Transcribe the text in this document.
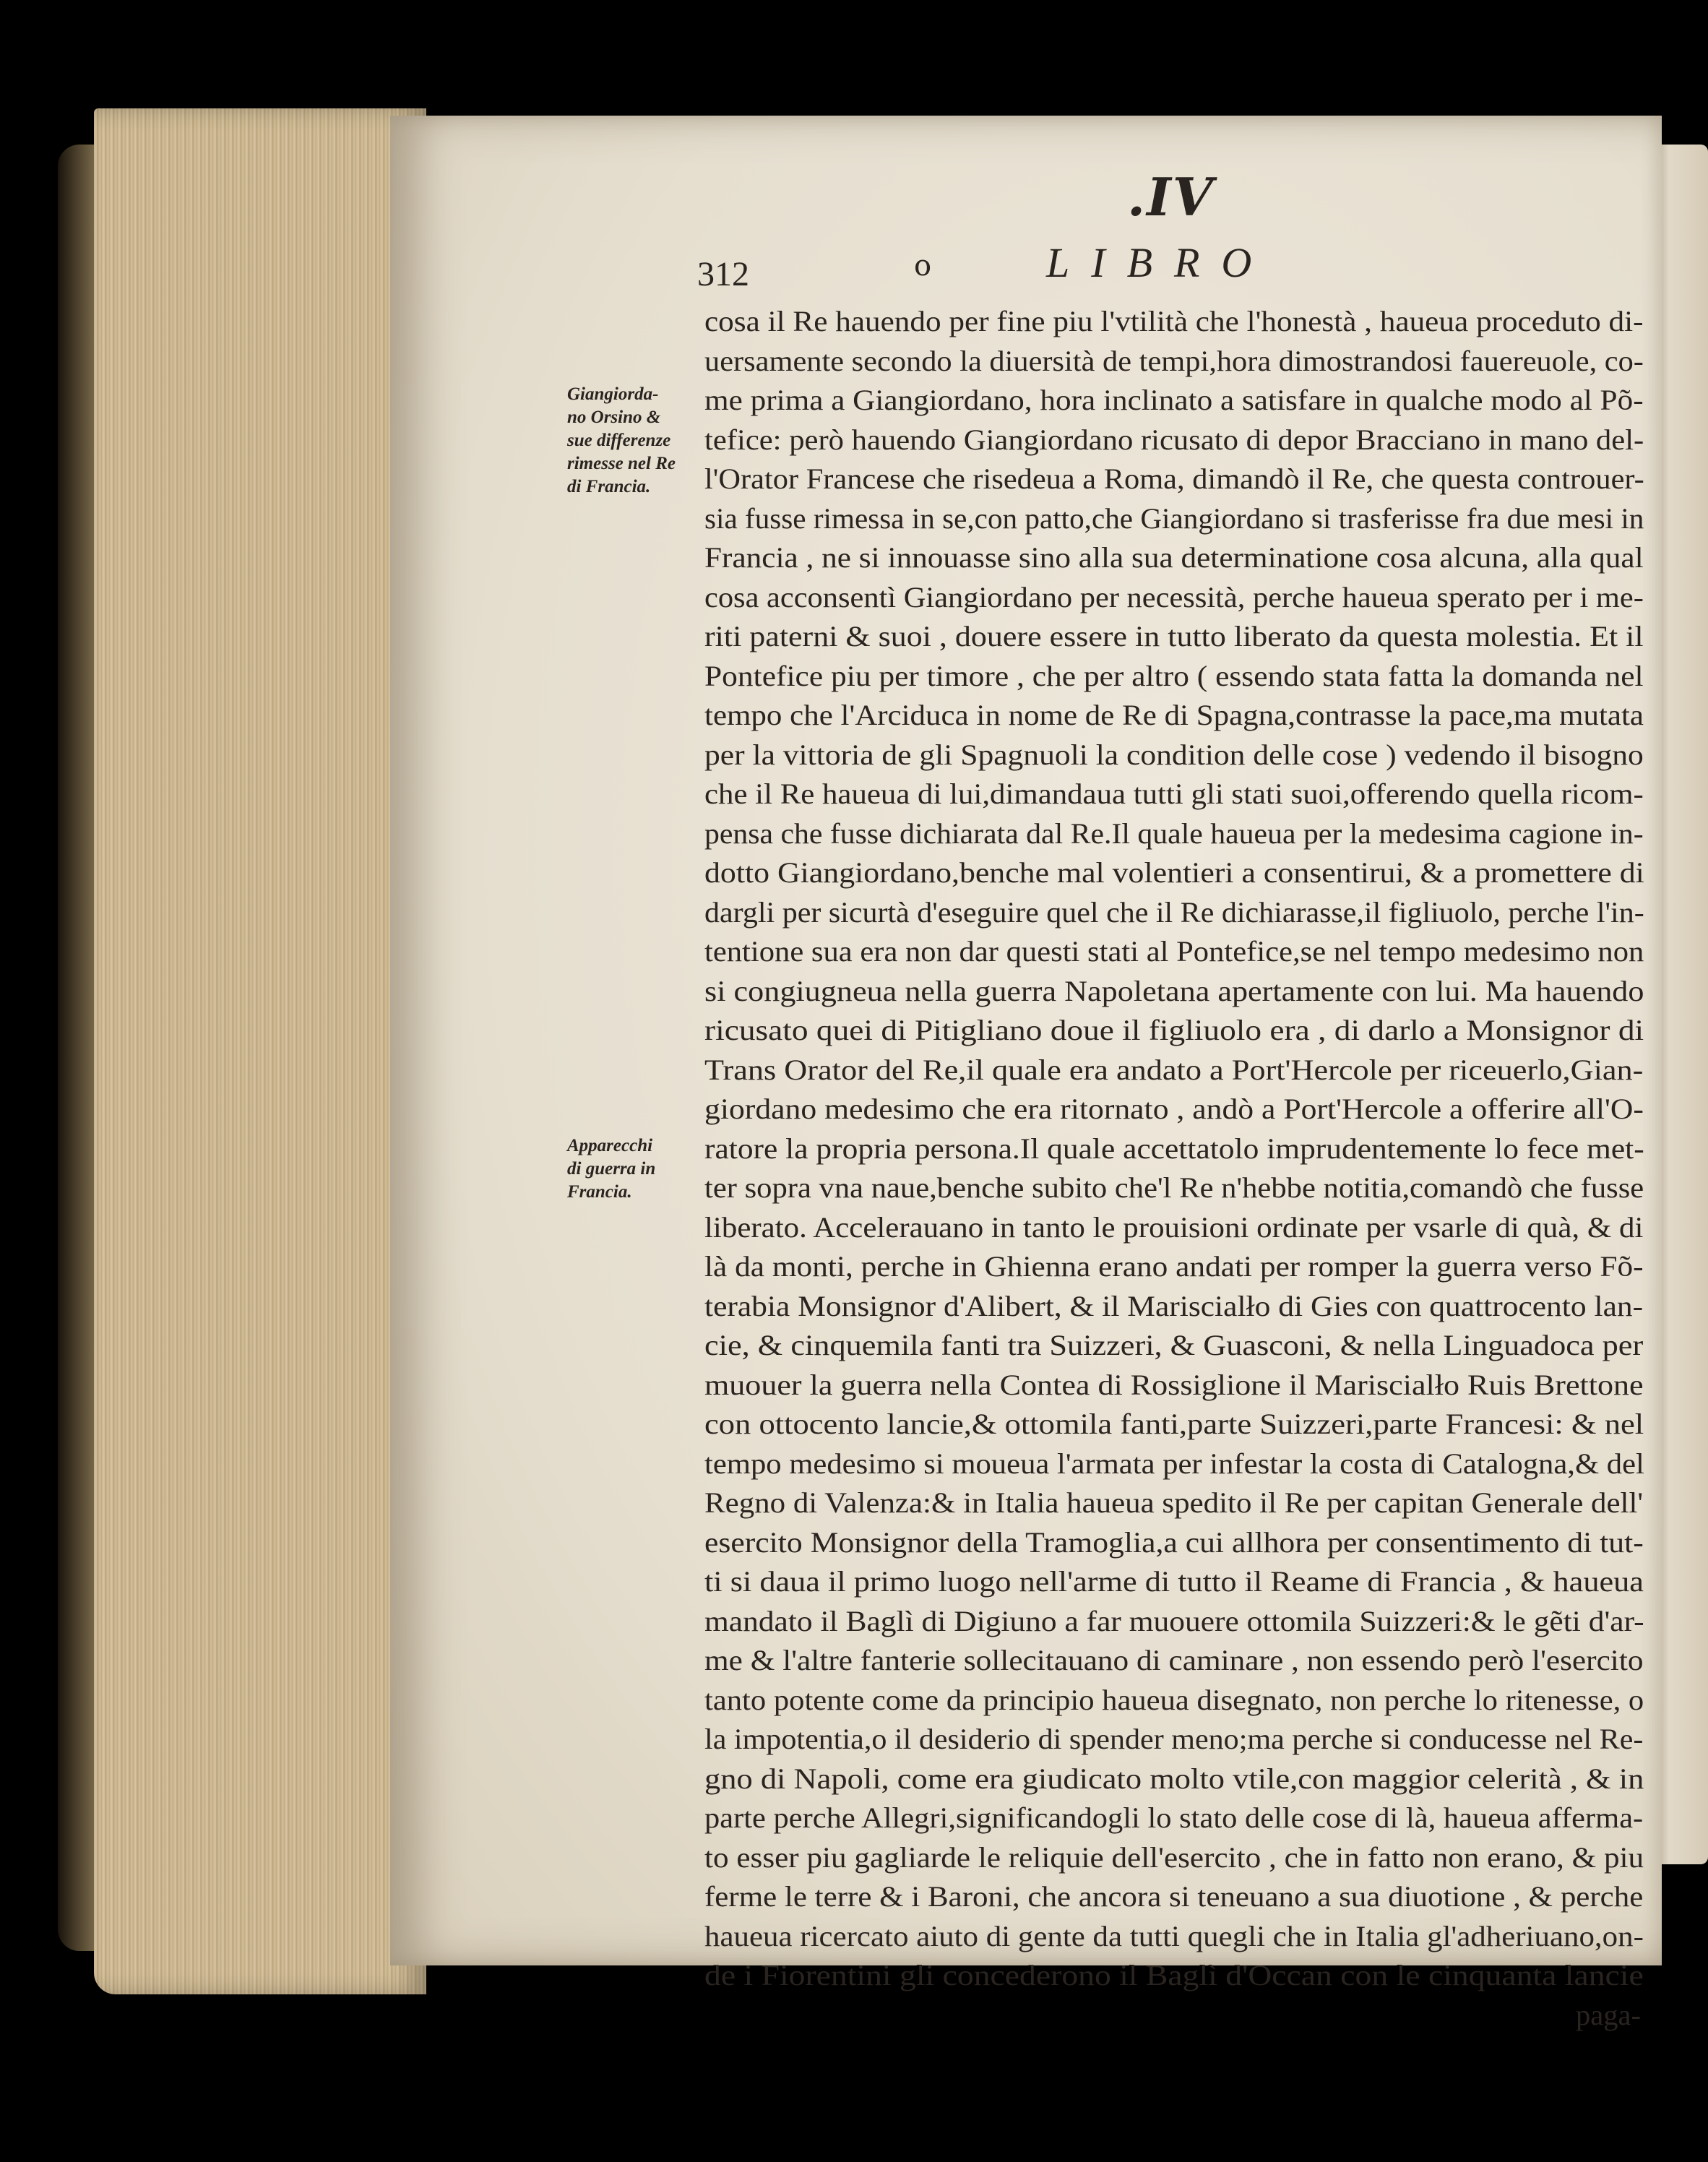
.IV
312	o	LIBRO
Giangiorda-
no Orsino &
sue differenze
rimesse nel Re
di Francia.
Apparecchi
di guerra in
Francia.
cosa il Re hauendo per fine piu l'vtilità che l'honestà , haueua proceduto di-
uersamente secondo la diuersità de tempi,hora dimostrandosi fauereuole, co-
me prima a Giangiordano, hora inclinato a satisfare in qualche modo al Põ-
tefice: però hauendo Giangiordano ricusato di depor Bracciano in mano del-
l'Orator Francese che risedeua a Roma, dimandò il Re, che questa controuer-
sia fusse rimessa in se,con patto,che Giangiordano si trasferisse fra due mesi in
Francia , ne si innouasse sino alla sua determinatione cosa alcuna, alla qual
cosa acconsentì Giangiordano per necessità, perche haueua sperato per i me-
riti paterni & suoi , douere essere in tutto liberato da questa molestia. Et il
Pontefice piu per timore , che per altro ( essendo stata fatta la domanda nel
tempo che l'Arciduca in nome de Re di Spagna,contrasse la pace,ma mutata
per la vittoria de gli Spagnuoli la condition delle cose ) vedendo il bisogno
che il Re haueua di lui,dimandaua tutti gli stati suoi,offerendo quella ricom-
pensa che fusse dichiarata dal Re.Il quale haueua per la medesima cagione in-
dotto Giangiordano,benche mal volentieri a consentirui, & a promettere di
dargli per sicurtà d'eseguire quel che il Re dichiarasse,il figliuolo, perche l'in-
tentione sua era non dar questi stati al Pontefice,se nel tempo medesimo non
si congiugneua nella guerra Napoletana apertamente con lui. Ma hauendo
ricusato quei di Pitigliano doue il figliuolo era , di darlo a Monsignor di
Trans Orator del Re,il quale era andato a Port'Hercole per riceuerlo,Gian-
giordano medesimo che era ritornato , andò a Port'Hercole a offerire all'O-
ratore la propria persona.Il quale accettatolo imprudentemente lo fece met-
ter sopra vna naue,benche subito che'l Re n'hebbe notitia,comandò che fusse
liberato. Accelerauano in tanto le prouisioni ordinate per vsarle di quà, & di
là da monti, perche in Ghienna erano andati per romper la guerra verso Fõ-
terabia Monsignor d'Alibert, & il Mariscialło di Gies con quattrocento lan-
cie, & cinquemila fanti tra Suizzeri, & Guasconi, & nella Linguadoca per
muouer la guerra nella Contea di Rossiglione il Mariscialło Ruis Brettone
con ottocento lancie,& ottomila fanti,parte Suizzeri,parte Francesi: & nel
tempo medesimo si moueua l'armata per infestar la costa di Catalogna,& del
Regno di Valenza:& in Italia haueua spedito il Re per capitan Generale dell'
esercito Monsignor della Tramoglia,a cui allhora per consentimento di tut-
ti si daua il primo luogo nell'arme di tutto il Reame di Francia , & haueua
mandato il Baglì di Digiuno a far muouere ottomila Suizzeri:& le gẽti d'ar-
me & l'altre fanterie sollecitauano di caminare , non essendo però l'esercito
tanto potente come da principio haueua disegnato, non perche lo ritenesse, o
la impotentia,o il desiderio di spender meno;ma perche si conducesse nel Re-
gno di Napoli, come era giudicato molto vtile,con maggior celerità , & in
parte perche Allegri,significandogli lo stato delle cose di là, haueua afferma-
to esser piu gagliarde le reliquie dell'esercito , che in fatto non erano, & piu
ferme le terre & i Baroni, che ancora si teneuano a sua diuotione , & perche
haueua ricercato aiuto di gente da tutti quegli che in Italia gl'adheriuano,on-
de i Fiorentini gli concederono il Baglì d'Occan con le cinquanta lancie
paga-
